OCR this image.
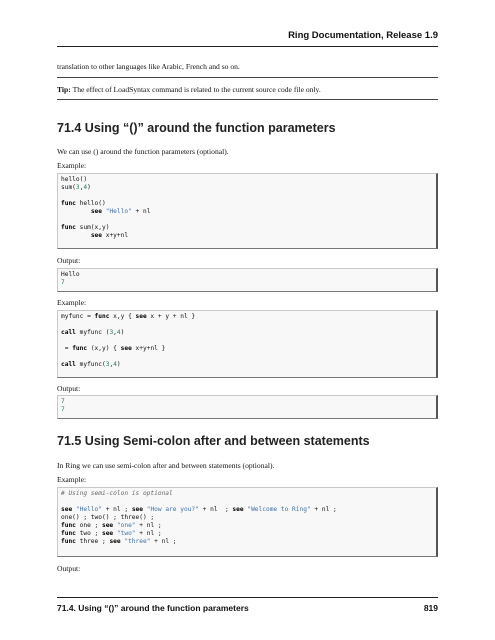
Ring Documentation, Release 1.9
translation to other languages like Arabic, French and so on.
Tip: The effect of LoadSyntax command is related to the current source code file only.
71.4 Using “()” around the function parameters
We can use () around the function parameters (optional).
Example:
hello()
sum(3,4)
func hello()
see "Hello" + nl
func sum(x,y)
see x+y+nl
Output:
Hello
7
Example:
myfunc = func x,y { see x + y + nl }
call myfunc (3,4)
= func (x,y) { see x+y+nl }
call myfunc(3,4)
Output:
7
7
71.5 Using Semi-colon after and between statements
In Ring we can use semi-colon after and between statements (optional).
Example:
# Using semi-colon is optional
see "Hello" + nl ; see "How are you?" + nl  ; see "Welcome to Ring" + nl ;
one() ; two() ; three() ;
func one ; see "one" + nl ;
func two ; see "two" + nl ;
func three ; see "three" + nl ;
Output:
71.4. Using “()” around the function parameters	819
